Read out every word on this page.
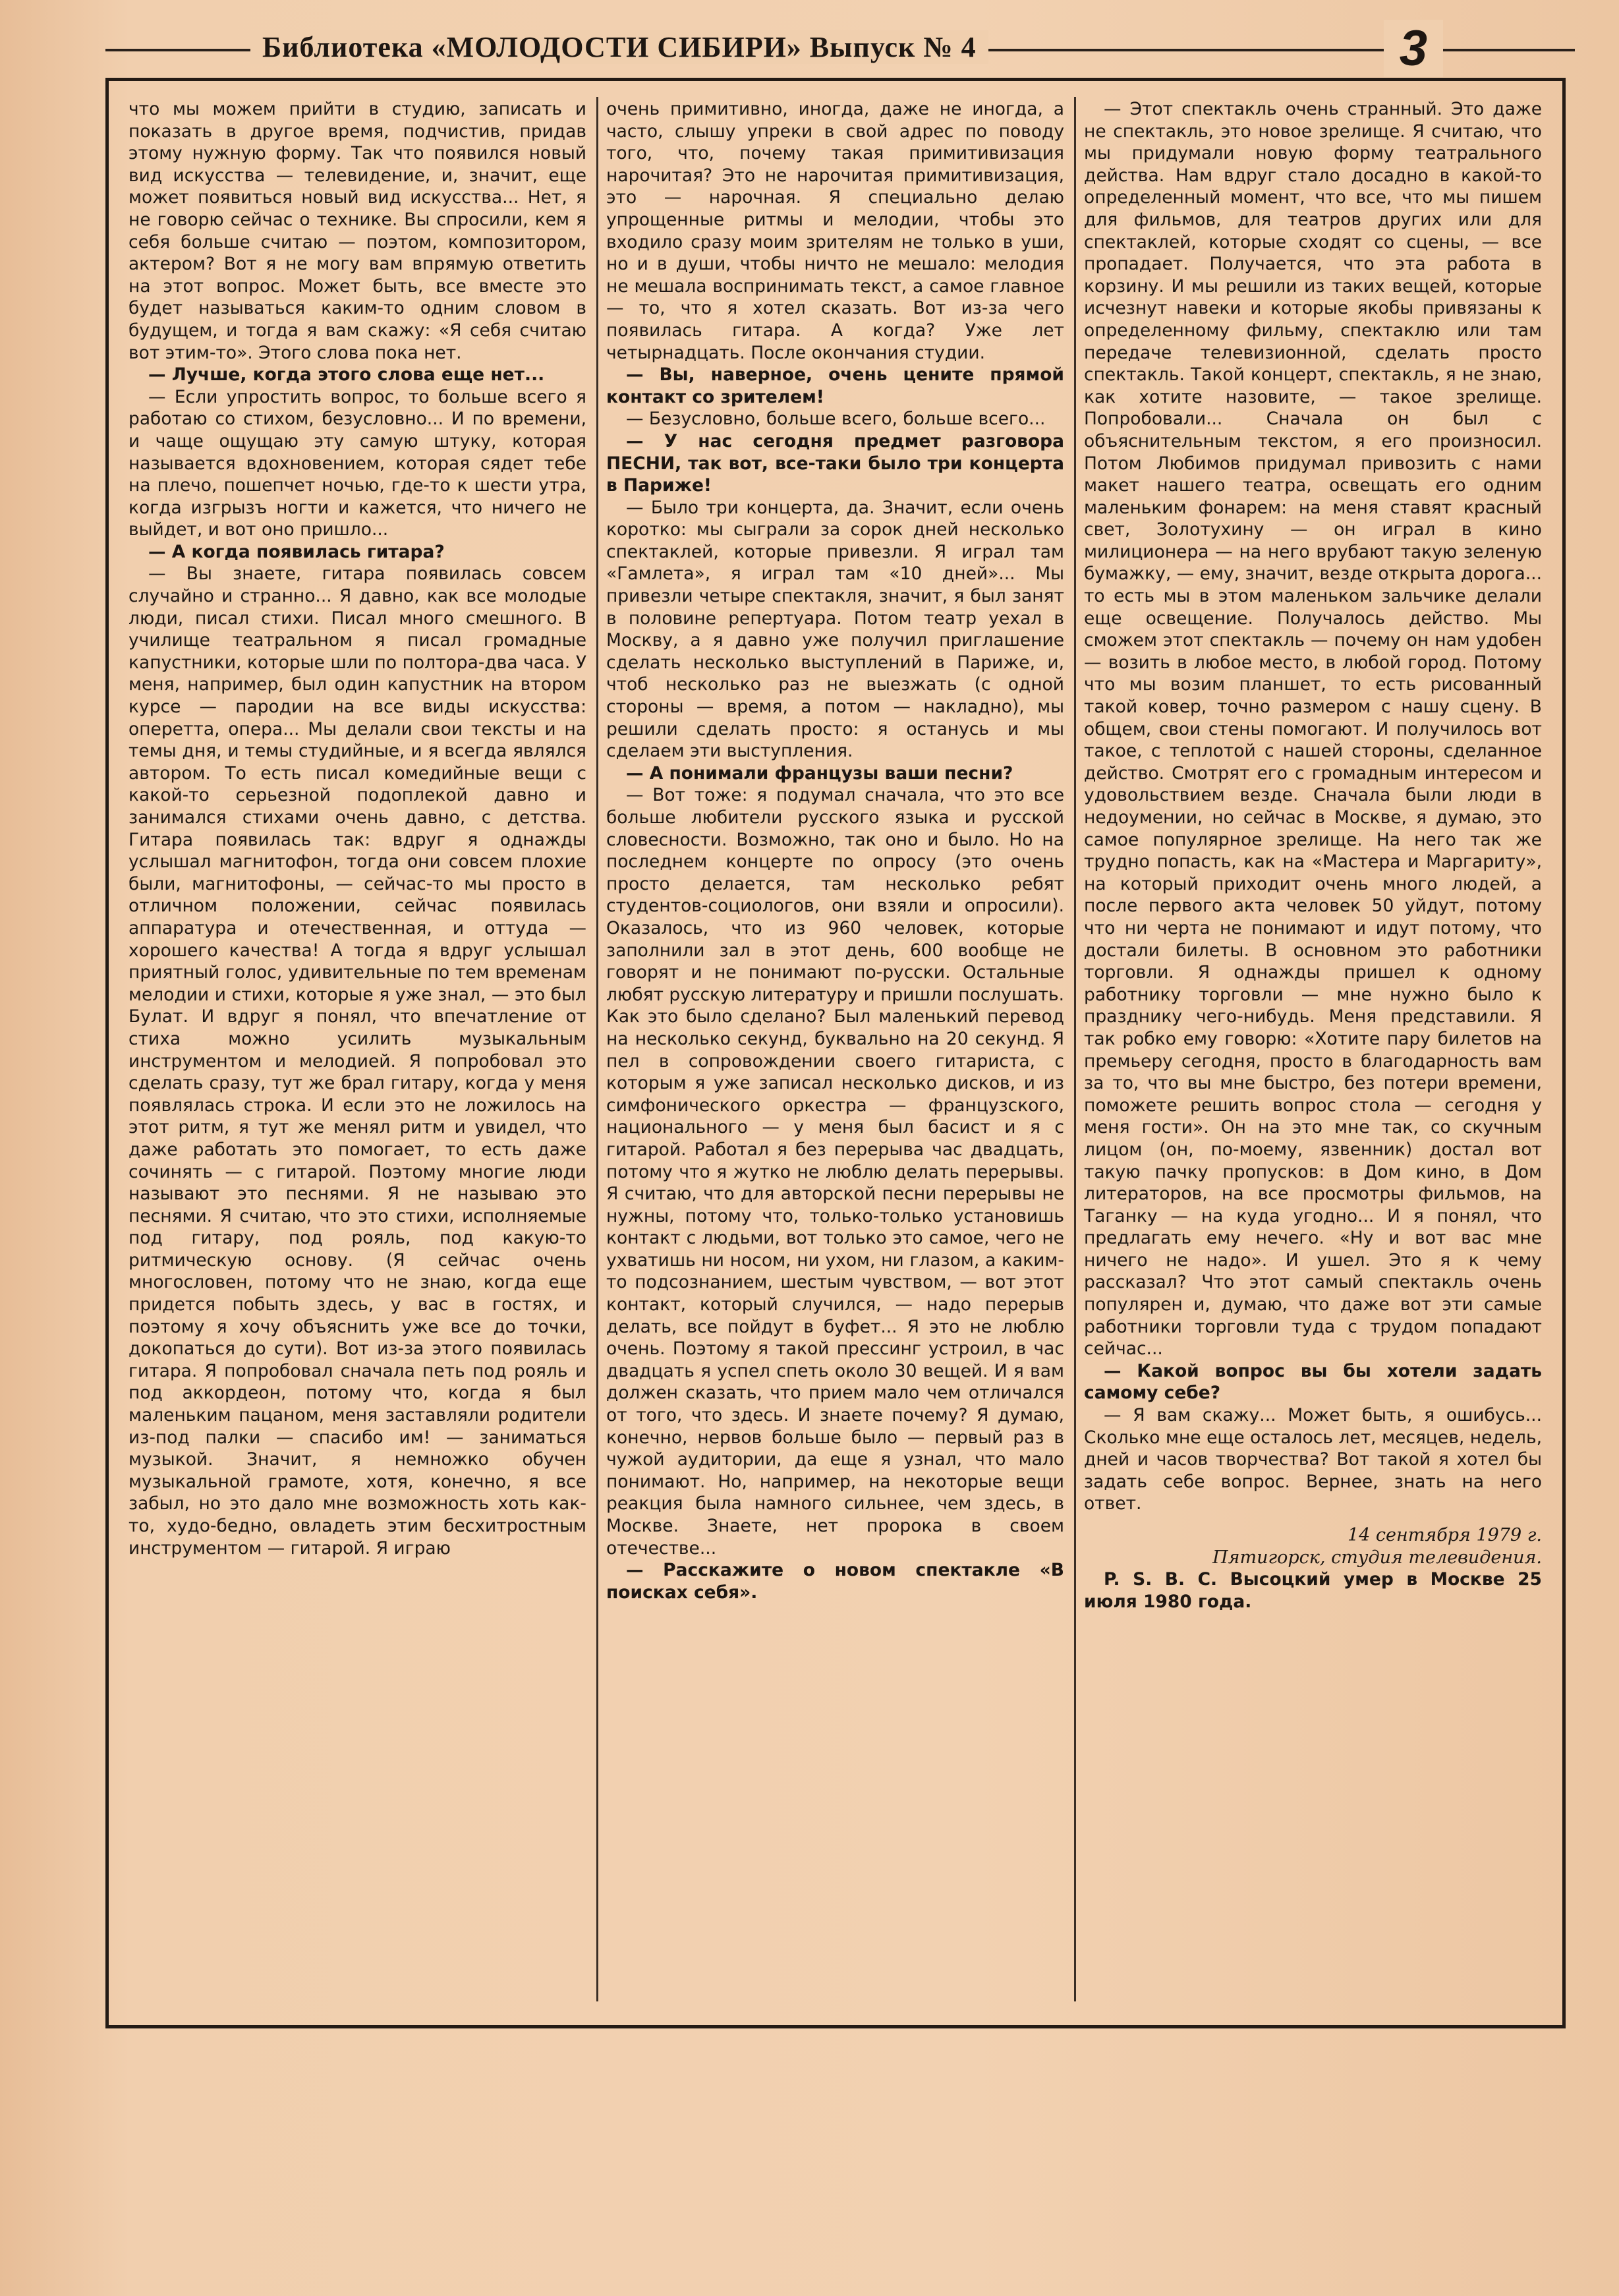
Библиотека «МОЛОДОСТИ СИБИРИ» Выпуск № 4	3

что мы можем прийти в студию, записать и показать в другое время, подчистив, придав этому нужную форму. Так что появился новый вид искусства — телевидение, и, значит, еще может появиться новый вид искусства... Нет, я не говорю сейчас о технике. Вы спросили, кем я себя больше считаю — поэтом, композитором, актером? Вот я не могу вам впрямую ответить на этот вопрос. Может быть, все вместе это будет называться каким-то одним словом в будущем, и тогда я вам скажу: «Я себя считаю вот этим-то». Этого слова пока нет.

— Лучше, когда этого слова еще нет...

— Если упростить вопрос, то больше всего я работаю со стихом, безусловно... И по времени, и чаще ощущаю эту самую штуку, которая называется вдохновением, которая сядет тебе на плечо, пошепчет ночью, где-то к шести утра, когда изгрызъ ногти и кажется, что ничего не выйдет, и вот оно пришло...

— А когда появилась гитара?

— Вы знаете, гитара появилась совсем случайно и странно... Я давно, как все молодые люди, писал стихи. Писал много смешного. В училище театральном я писал громадные капустники, которые шли по полтора-два часа. У меня, например, был один капустник на втором курсе — пародии на все виды искусства: оперетта, опера... Мы делали свои тексты и на темы дня, и темы студийные, и я всегда являлся автором. То есть писал комедийные вещи с какой-то серьезной подоплекой давно и занимался стихами очень давно, с детства. Гитара появилась так: вдруг я однажды услышал магнитофон, тогда они совсем плохие были, магнитофоны, — сейчас-то мы просто в отличном положении, сейчас появилась аппаратура и отечественная, и оттуда — хорошего качества! А тогда я вдруг услышал приятный голос, удивительные по тем временам мелодии и стихи, которые я уже знал, — это был Булат. И вдруг я понял, что впечатление от стиха можно усилить музыкальным инструментом и мелодией. Я попробовал это сделать сразу, тут же брал гитару, когда у меня появлялась строка. И если это не ложилось на этот ритм, я тут же менял ритм и увидел, что даже работать это помогает, то есть даже сочинять — с гитарой. Поэтому многие люди называют это песнями. Я не называю это песнями. Я считаю, что это стихи, исполняемые под гитару, под рояль, под какую-то ритмическую основу. (Я сейчас очень многословен, потому что не знаю, когда еще придется побыть здесь, у вас в гостях, и поэтому я хочу объяснить уже все до точки, докопаться до сути). Вот из-за этого появилась гитара. Я попробовал сначала петь под рояль и под аккордеон, потому что, когда я был маленьким пацаном, меня заставляли родители из-под палки — спасибо им! — заниматься музыкой. Значит, я немножко обучен музыкальной грамоте, хотя, конечно, я все забыл, но это дало мне возможность хоть как-то, худо-бедно, овладеть этим бесхитростным инструментом — гитарой. Я играю

очень примитивно, иногда, даже не иногда, а часто, слышу упреки в свой адрес по поводу того, что, почему такая примитивизация нарочитая? Это не нарочитая примитивизация, это — нарочная. Я специально делаю упрощенные ритмы и мелодии, чтобы это входило сразу моим зрителям не только в уши, но и в души, чтобы ничто не мешало: мелодия не мешала воспринимать текст, а самое главное — то, что я хотел сказать. Вот из-за чего появилась гитара. А когда? Уже лет четырнадцать. После окончания студии.

— Вы, наверное, очень цените прямой контакт со зрителем!

— Безусловно, больше всего, больше всего...

— У нас сегодня предмет разговора ПЕСНИ, так вот, все-таки было три концерта в Париже!

— Было три концерта, да. Значит, если очень коротко: мы сыграли за сорок дней несколько спектаклей, которые привезли. Я играл там «Гамлета», я играл там «10 дней»... Мы привезли четыре спектакля, значит, я был занят в половине репертуара. Потом театр уехал в Москву, а я давно уже получил приглашение сделать несколько выступлений в Париже, и, чтоб несколько раз не выезжать (с одной стороны — время, а потом — накладно), мы решили сделать просто: я останусь и мы сделаем эти выступления.

— А понимали французы ваши песни?

— Вот тоже: я подумал сначала, что это все больше любители русского языка и русской словесности. Возможно, так оно и было. Но на последнем концерте по опросу (это очень просто делается, там несколько ребят студентов-социологов, они взяли и опросили). Оказалось, что из 960 человек, которые заполнили зал в этот день, 600 вообще не говорят и не понимают по-русски. Остальные любят русскую литературу и пришли послушать. Как это было сделано? Был маленький перевод на несколько секунд, буквально на 20 секунд. Я пел в сопровождении своего гитариста, с которым я уже записал несколько дисков, и из симфонического оркестра — французского, национального — у меня был басист и я с гитарой. Работал я без перерыва час двадцать, потому что я жутко не люблю делать перерывы. Я считаю, что для авторской песни перерывы не нужны, потому что, только-только установишь контакт с людьми, вот только это самое, чего не ухватишь ни носом, ни ухом, ни глазом, а каким-то подсознанием, шестым чувством, — вот этот контакт, который случился, — надо перерыв делать, все пойдут в буфет... Я это не люблю очень. Поэтому я такой прессинг устроил, в час двадцать я успел спеть около 30 вещей. И я вам должен сказать, что прием мало чем отличался от того, что здесь. И знаете почему? Я думаю, конечно, нервов больше было — первый раз в чужой аудитории, да еще я узнал, что мало понимают. Но, например, на некоторые вещи реакция была намного сильнее, чем здесь, в Москве. Знаете, нет пророка в своем отечестве...

— Расскажите о новом спектакле «В поисках себя».

— Этот спектакль очень странный. Это даже не спектакль, это новое зрелище. Я считаю, что мы придумали новую форму театрального действа. Нам вдруг стало досадно в какой-то определенный момент, что все, что мы пишем для фильмов, для театров других или для спектаклей, которые сходят со сцены, — все пропадает. Получается, что эта работа в корзину. И мы решили из таких вещей, которые исчезнут навеки и которые якобы привязаны к определенному фильму, спектаклю или там передаче телевизионной, сделать просто спектакль. Такой концерт, спектакль, я не знаю, как хотите назовите, — такое зрелище. Попробовали... Сначала он был с объяснительным текстом, я его произносил. Потом Любимов придумал привозить с нами макет нашего театра, освещать его одним маленьким фонарем: на меня ставят красный свет, Золотухину — он играл в кино милиционера — на него врубают такую зеленую бумажку, — ему, значит, везде открыта дорога... то есть мы в этом маленьком зальчике делали еще освещение. Получалось действо. Мы сможем этот спектакль — почему он нам удобен — возить в любое место, в любой город. Потому что мы возим планшет, то есть рисованный такой ковер, точно размером с нашу сцену. В общем, свои стены помогают. И получилось вот такое, с теплотой с нашей стороны, сделанное действо. Смотрят его с громадным интересом и удовольствием везде. Сначала были люди в недоумении, но сейчас в Москве, я думаю, это самое популярное зрелище. На него так же трудно попасть, как на «Мастера и Маргариту», на который приходит очень много людей, а после первого акта человек 50 уйдут, потому что ни черта не понимают и идут потому, что достали билеты. В основном это работники торговли. Я однажды пришел к одному работнику торговли — мне нужно было к празднику чего-нибудь. Меня представили. Я так робко ему говорю: «Хотите пару билетов на премьеру сегодня, просто в благодарность вам за то, что вы мне быстро, без потери времени, поможете решить вопрос стола — сегодня у меня гости». Он на это мне так, со скучным лицом (он, по-моему, язвенник) достал вот такую пачку пропусков: в Дом кино, в Дом литераторов, на все просмотры фильмов, на Таганку — на куда угодно... И я понял, что предлагать ему нечего. «Ну и вот вас мне ничего не надо». И ушел. Это я к чему рассказал? Что этот самый спектакль очень популярен и, думаю, что даже вот эти самые работники торговли туда с трудом попадают сейчас...

— Какой вопрос вы бы хотели задать самому себе?

— Я вам скажу... Может быть, я ошибусь... Сколько мне еще осталось лет, месяцев, недель, дней и часов творчества? Вот такой я хотел бы задать себе вопрос. Вернее, знать на него ответ.

14 сентября 1979 г.

Пятигорск, студия телевидения.

P. S. В. С. Высоцкий умер в Москве 25 июля 1980 года.
